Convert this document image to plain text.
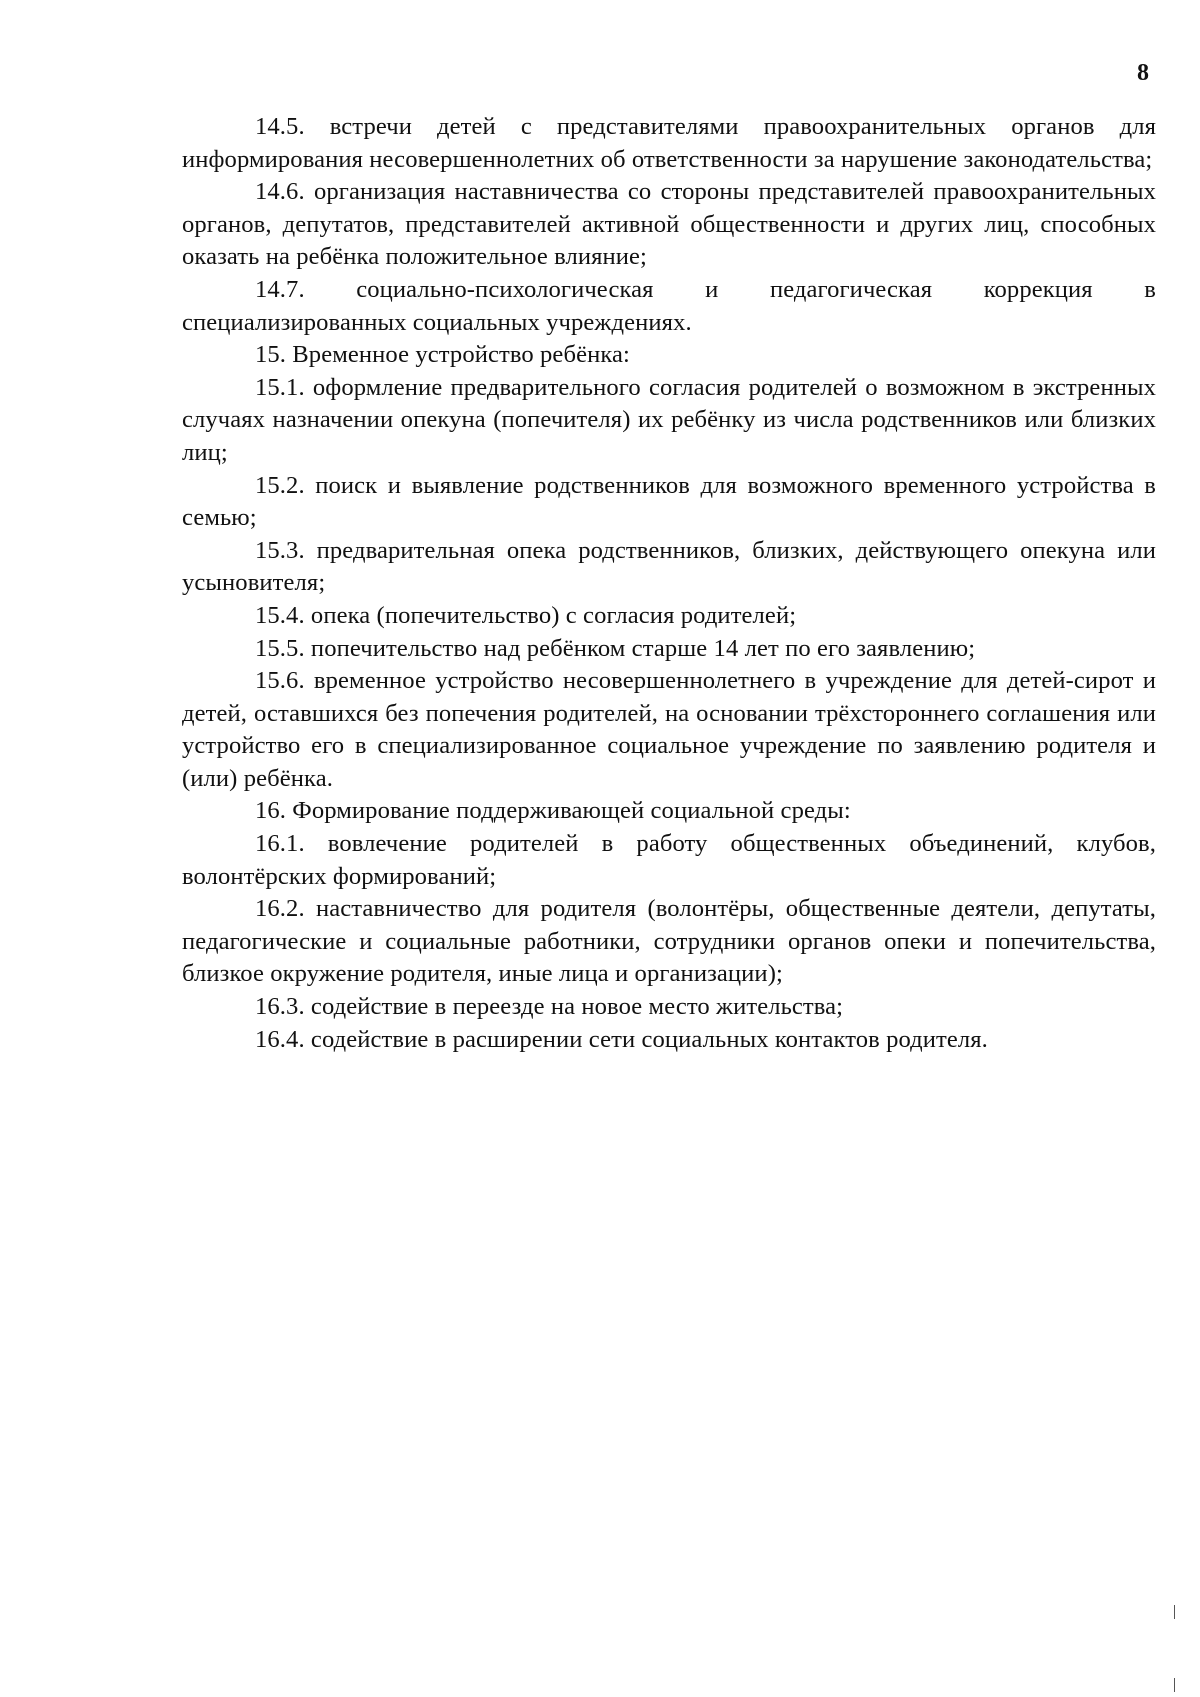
8

14.5. встречи детей с представителями правоохранительных органов для информирования несовершеннолетних об ответственности за нарушение законодательства;

14.6. организация наставничества со стороны представителей правоохранительных органов, депутатов, представителей активной общественности и других лиц, способных оказать на ребёнка положительное влияние;

14.7. социально-психологическая и педагогическая коррекция в специализированных социальных учреждениях.

15. Временное устройство ребёнка:

15.1. оформление предварительного согласия родителей о возможном в экстренных случаях назначении опекуна (попечителя) их ребёнку из числа родственников или близких лиц;

15.2. поиск и выявление родственников для возможного временного устройства в семью;

15.3. предварительная опека родственников, близких, действующего опекуна или усыновителя;

15.4. опека (попечительство) с согласия родителей;

15.5. попечительство над ребёнком старше 14 лет по его заявлению;

15.6. временное устройство несовершеннолетнего в учреждение для детей-сирот и детей, оставшихся без попечения родителей, на основании трёхстороннего соглашения или устройство его в специализированное социальное учреждение по заявлению родителя и (или) ребёнка.

16. Формирование поддерживающей социальной среды:

16.1. вовлечение родителей в работу общественных объединений, клубов, волонтёрских формирований;

16.2. наставничество для родителя (волонтёры, общественные деятели, депутаты, педагогические и социальные работники, сотрудники органов опеки и попечительства, близкое окружение родителя, иные лица и организации);

16.3. содействие в переезде на новое место жительства;

16.4. содействие в расширении сети социальных контактов родителя.
